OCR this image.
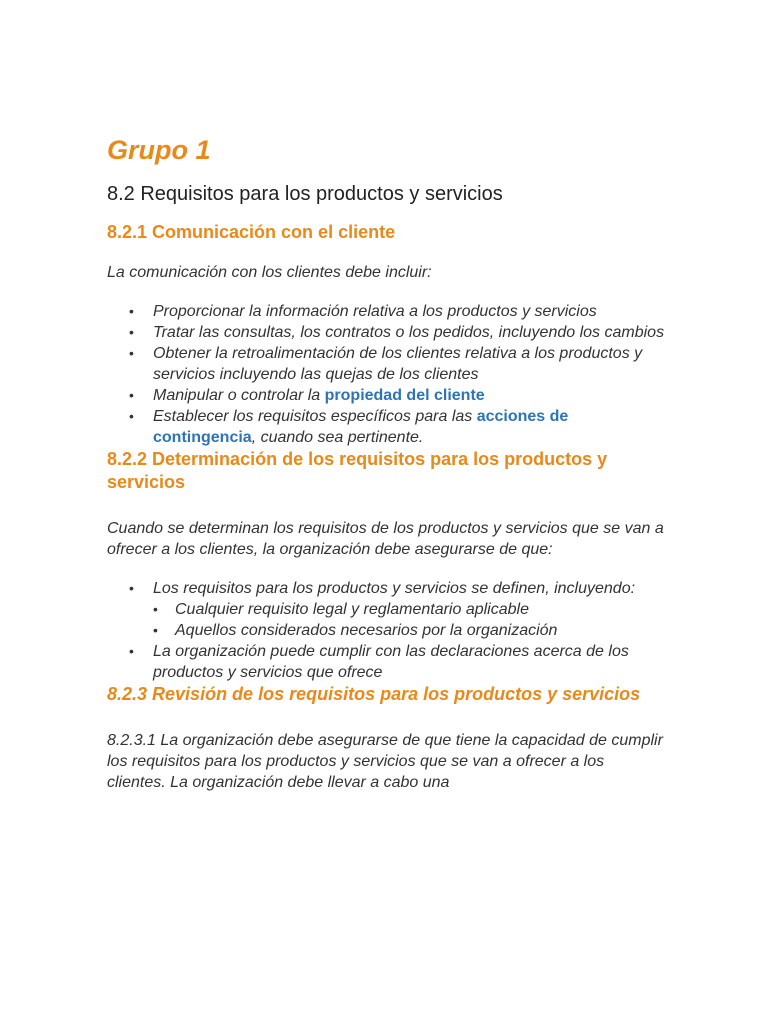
Grupo 1
8.2 Requisitos para los productos y servicios
8.2.1 Comunicación con el cliente

La comunicación con los clientes debe incluir:

• Proporcionar la información relativa a los productos y servicios
• Tratar las consultas, los contratos o los pedidos, incluyendo los cambios
• Obtener la retroalimentación de los clientes relativa a los productos y servicios incluyendo las quejas de los clientes
• Manipular o controlar la propiedad del cliente
• Establecer los requisitos específicos para las acciones de contingencia, cuando sea pertinente.
8.2.2 Determinación de los requisitos para los productos y servicios

Cuando se determinan los requisitos de los productos y servicios que se van a ofrecer a los clientes, la organización debe asegurarse de que:

• Los requisitos para los productos y servicios se definen, incluyendo:
• Cualquier requisito legal y reglamentario aplicable
• Aquellos considerados necesarios por la organización
• La organización puede cumplir con las declaraciones acerca de los productos y servicios que ofrece
8.2.3 Revisión de los requisitos para los productos y servicios

8.2.3.1 La organización debe asegurarse de que tiene la capacidad de cumplir los requisitos para los productos y servicios que se van a ofrecer a los clientes. La organización debe llevar a cabo una
